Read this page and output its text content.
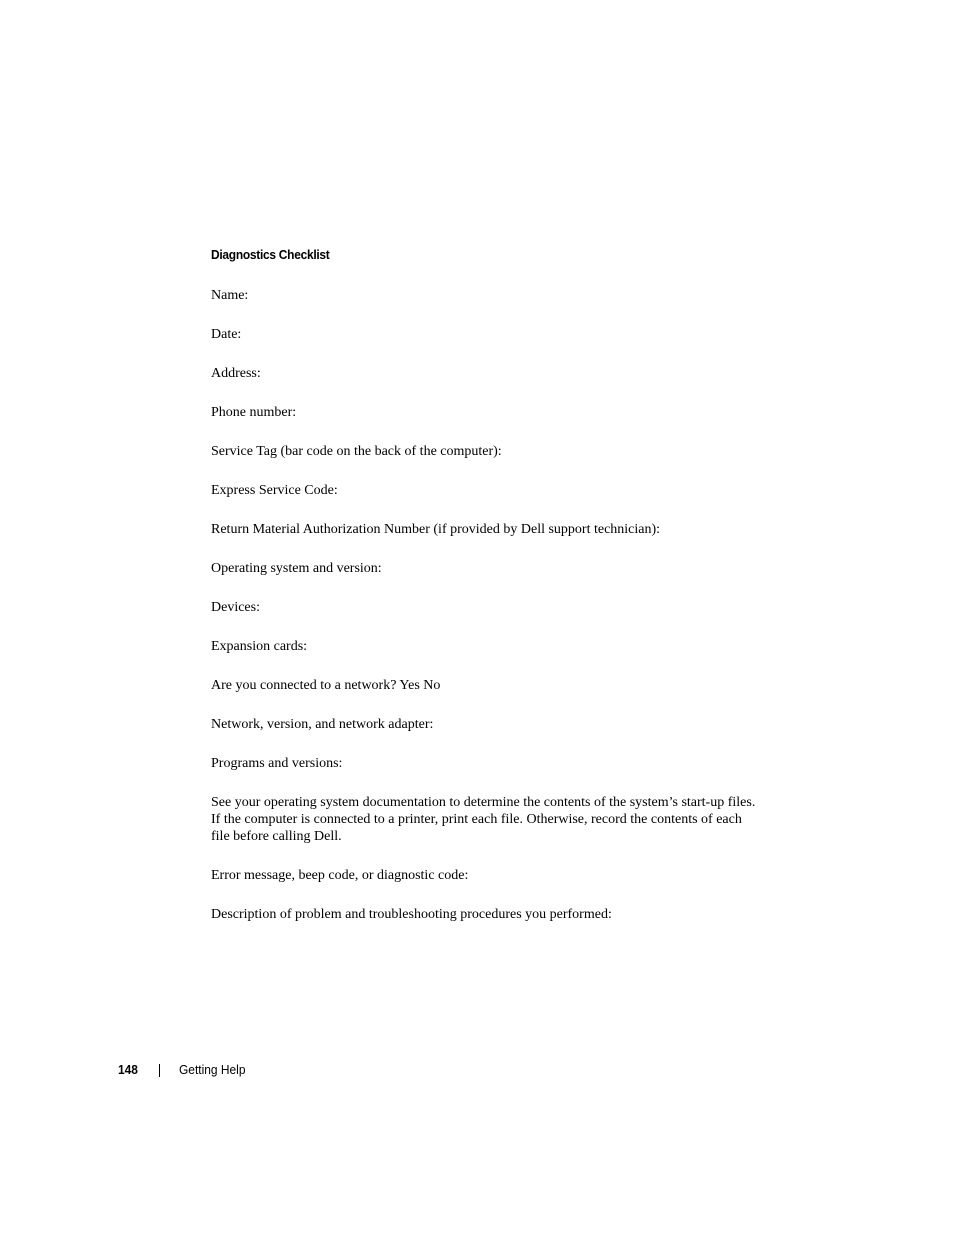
Diagnostics Checklist
Name:
Date:
Address:
Phone number:
Service Tag (bar code on the back of the computer):
Express Service Code:
Return Material Authorization Number (if provided by Dell support technician):
Operating system and version:
Devices:
Expansion cards:
Are you connected to a network? Yes No
Network, version, and network adapter:
Programs and versions:
See your operating system documentation to determine the contents of the system’s start-up files. If the computer is connected to a printer, print each file. Otherwise, record the contents of each file before calling Dell.
Error message, beep code, or diagnostic code:
Description of problem and troubleshooting procedures you performed:
148	Getting Help
